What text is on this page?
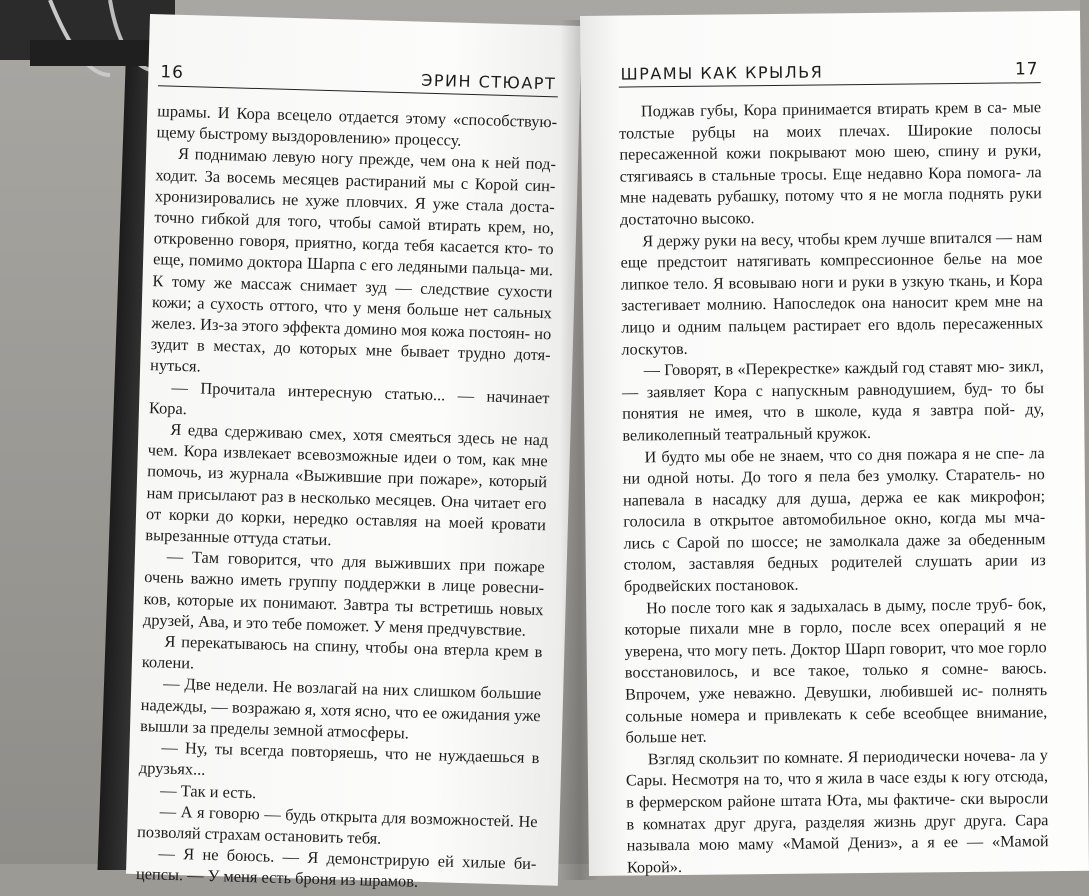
16	ЭРИН СТЮАРТ

шрамы. И Кора всецело отдается этому «способствую- щему быстрому выздоровлению» процессу.

Я поднимаю левую ногу прежде, чем она к ней под- ходит. За восемь месяцев растираний мы с Корой син- хронизировались не хуже пловчих. Я уже стала доста- точно гибкой для того, чтобы самой втирать крем, но, откровенно говоря, приятно, когда тебя касается кто- то еще, помимо доктора Шарпа с его ледяными пальца- ми. К тому же массаж снимает зуд — следствие сухости кожи; а сухость оттого, что у меня больше нет сальных желез. Из-за этого эффекта домино моя кожа постоян- но зудит в местах, до которых мне бывает трудно дотя- нуться.

— Прочитала интересную статью... — начинает Кора.

Я едва сдерживаю смех, хотя смеяться здесь не над чем. Кора извлекает всевозможные идеи о том, как мне помочь, из журнала «Выжившие при пожаре», который нам присылают раз в несколько месяцев. Она читает его от корки до корки, нередко оставляя на моей кровати вырезанные оттуда статьи.

— Там говорится, что для выживших при пожаре очень важно иметь группу поддержки в лице ровесни- ков, которые их понимают. Завтра ты встретишь новых друзей, Ава, и это тебе поможет. У меня предчувствие.

Я перекатываюсь на спину, чтобы она втерла крем в колени.

— Две недели. Не возлагай на них слишком большие надежды, — возражаю я, хотя ясно, что ее ожидания уже вышли за пределы земной атмосферы.

— Ну, ты всегда повторяешь, что не нуждаешься в друзьях...

— Так и есть.

— А я говорю — будь открыта для возможностей. Не позволяй страхам остановить тебя.

— Я не боюсь. — Я демонстрирую ей хилые би- цепсы. — У меня есть броня из шрамов.

ШРАМЫ КАК КРЫЛЬЯ	17

Поджав губы, Кора принимается втирать крем в са- мые толстые рубцы на моих плечах. Широкие полосы пересаженной кожи покрывают мою шею, спину и руки, стягиваясь в стальные тросы. Еще недавно Кора помога- ла мне надевать рубашку, потому что я не могла поднять руки достаточно высоко.

Я держу руки на весу, чтобы крем лучше впитался — нам еще предстоит натягивать компрессионное белье на мое липкое тело. Я всовываю ноги и руки в узкую ткань, и Кора застегивает молнию. Напоследок она наносит крем мне на лицо и одним пальцем растирает его вдоль пересаженных лоскутов.

— Говорят, в «Перекрестке» каждый год ставят мю- зикл, — заявляет Кора с напускным равнодушием, буд- то бы понятия не имея, что в школе, куда я завтра пой- ду, великолепный театральный кружок.

И будто мы обе не знаем, что со дня пожара я не спе- ла ни одной ноты. До того я пела без умолку. Старатель- но напевала в насадку для душа, держа ее как микрофон; голосила в открытое автомобильное окно, когда мы мча- лись с Сарой по шоссе; не замолкала даже за обеденным столом, заставляя бедных родителей слушать арии из бродвейских постановок.

Но после того как я задыхалась в дыму, после труб- бок, которые пихали мне в горло, после всех операций я не уверена, что могу петь. Доктор Шарп говорит, что мое горло восстановилось, и все такое, только я сомне- ваюсь. Впрочем, уже неважно. Девушки, любившей ис- полнять сольные номера и привлекать к себе всеобщее внимание, больше нет.

Взгляд скользит по комнате. Я периодически ночева- ла у Сары. Несмотря на то, что я жила в часе езды к югу отсюда, в фермерском районе штата Юта, мы фактиче- ски выросли в комнатах друг друга, разделяя жизнь друг друга. Сара называла мою маму «Мамой Дениз», а я ее — «Мамой Корой».
